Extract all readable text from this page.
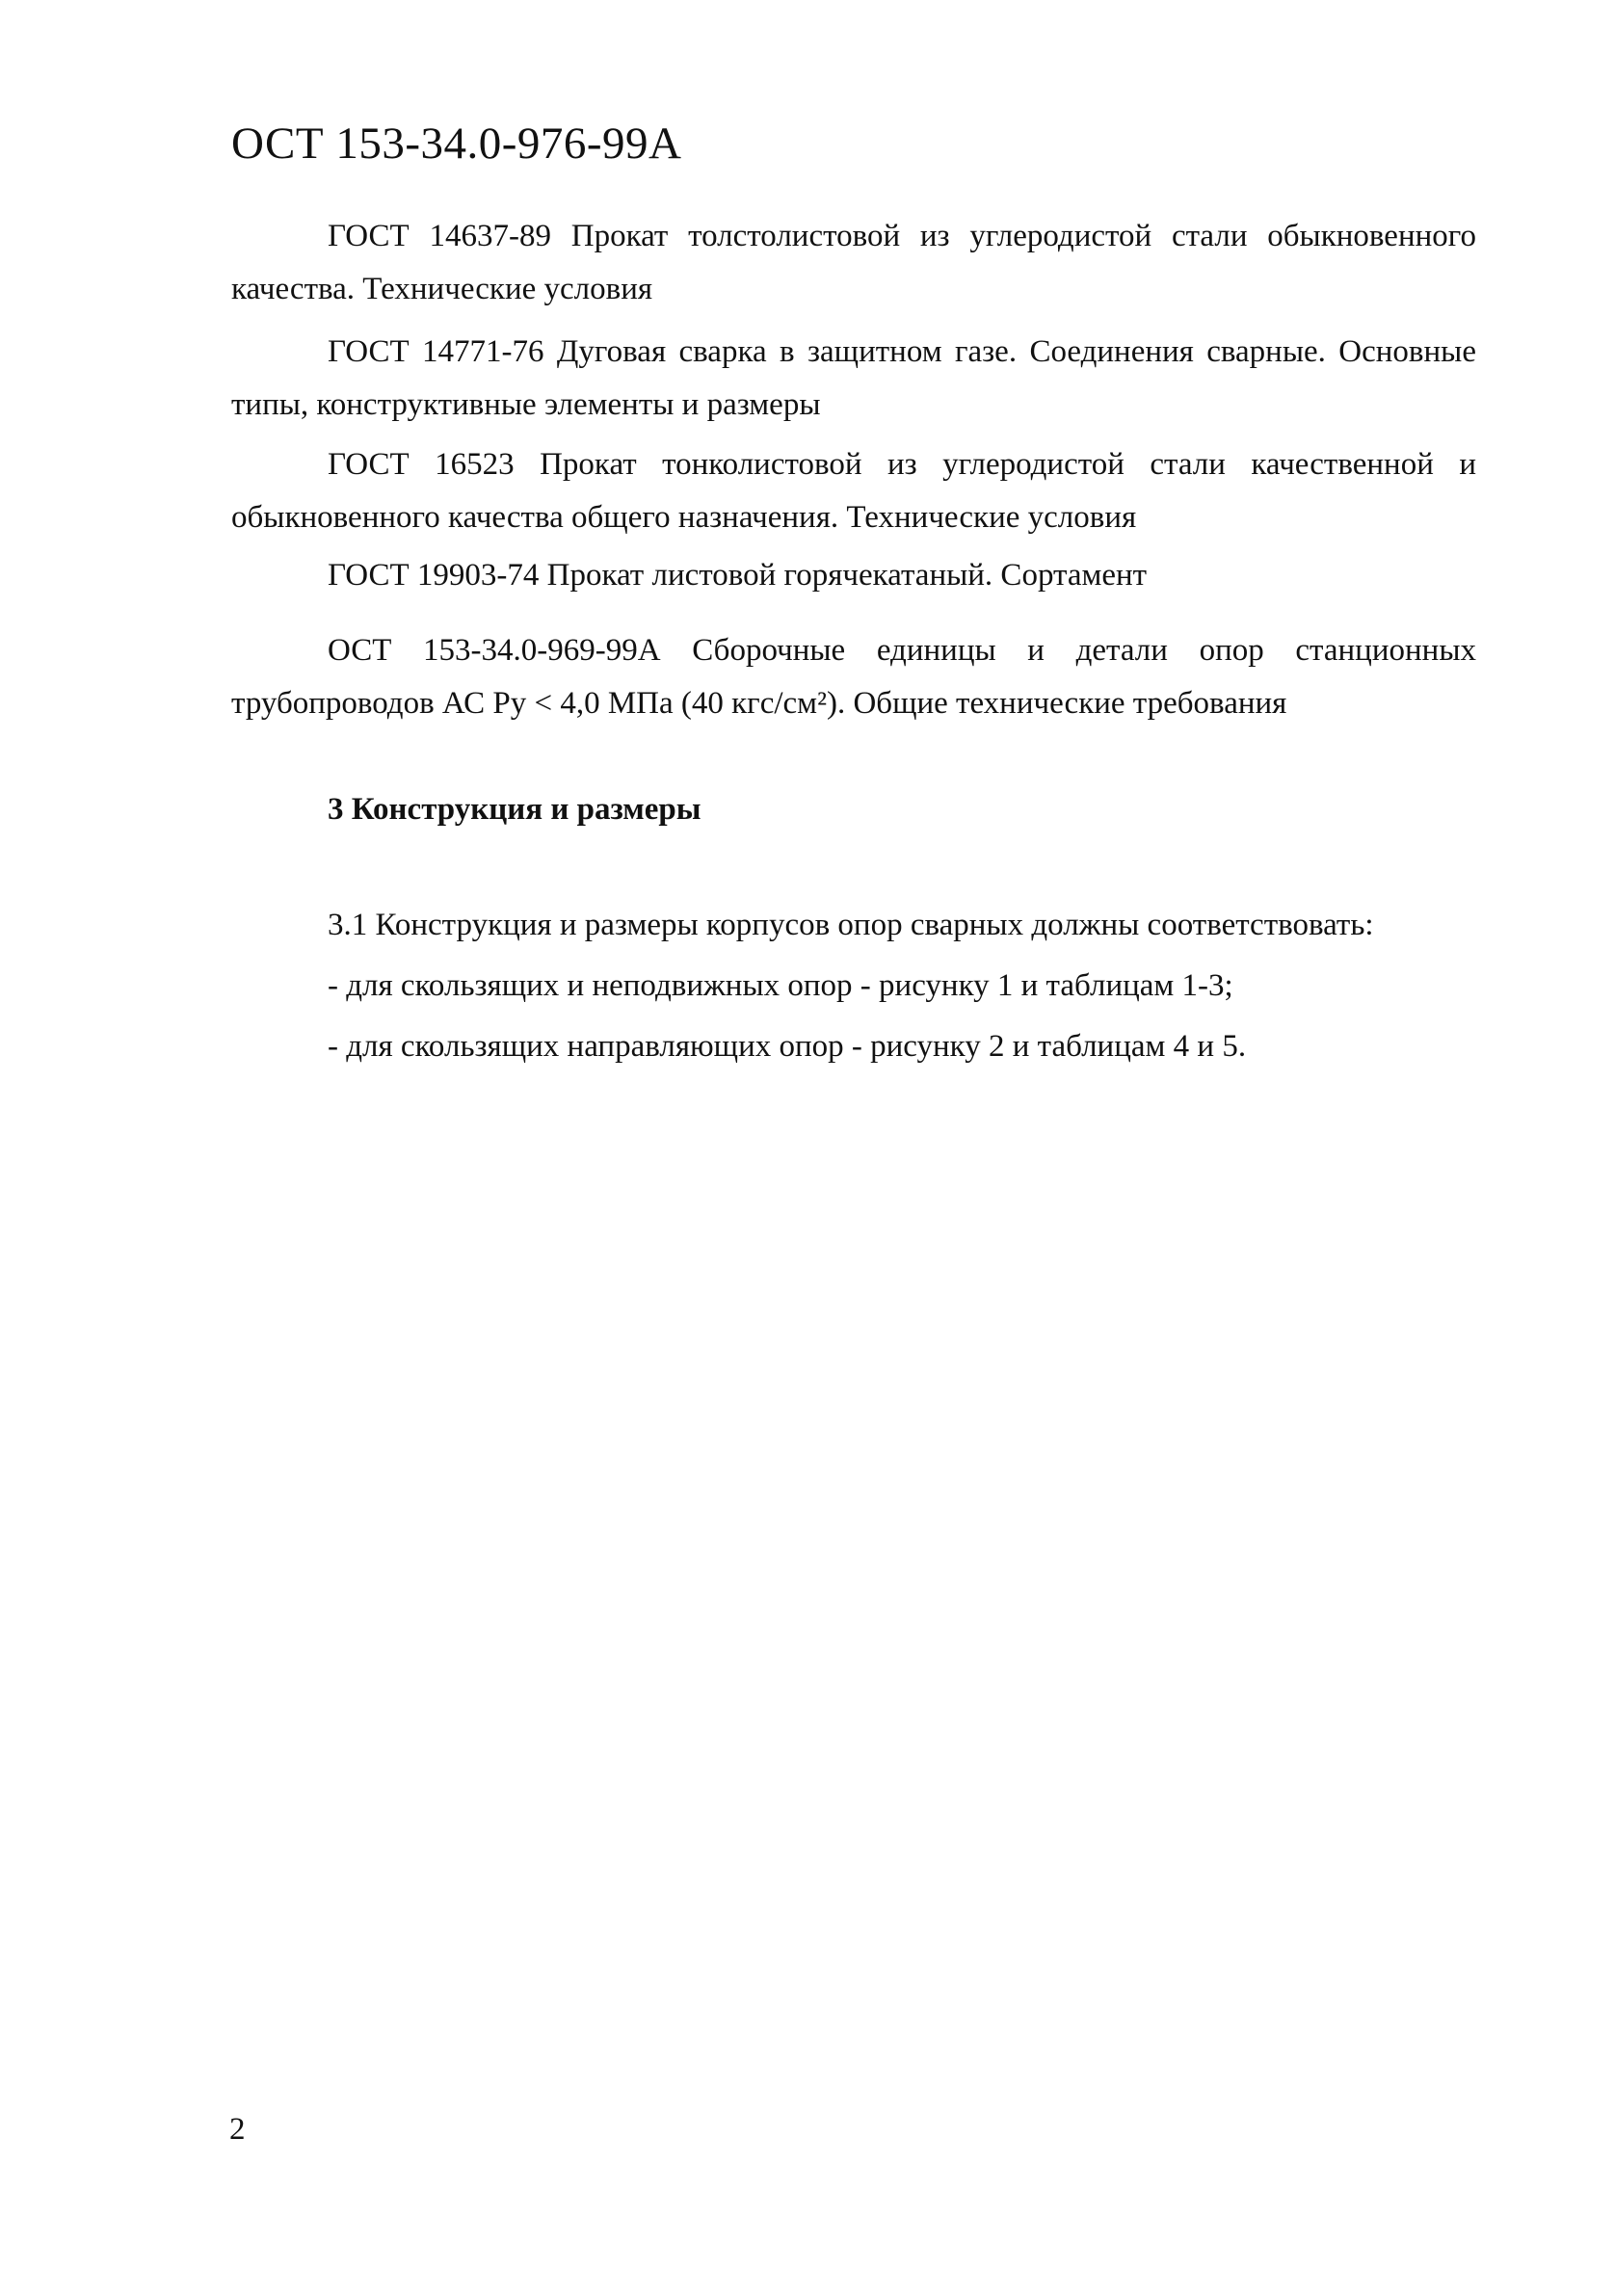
ОСТ 153-34.0-976-99А

ГОСТ 14637-89 Прокат толстолистовой из углеродистой стали обыкновенного качества. Технические условия

ГОСТ 14771-76 Дуговая сварка в защитном газе. Соединения сварные. Основные типы, конструктивные элементы и размеры

ГОСТ 16523 Прокат тонколистовой из углеродистой стали качественной и обыкновенного качества общего назначения. Технические условия

ГОСТ 19903-74 Прокат листовой горячекатаный. Сортамент

ОСТ 153-34.0-969-99А Сборочные единицы и детали опор станционных трубопроводов АС Ру < 4,0 МПа (40 кгс/см²). Общие технические требования

3 Конструкция и размеры
3.1 Конструкция и размеры корпусов опор сварных должны соответствовать:
- для скользящих и неподвижных опор - рисунку 1 и таблицам 1-3;
- для скользящих направляющих опор - рисунку 2 и таблицам 4 и 5.
2
